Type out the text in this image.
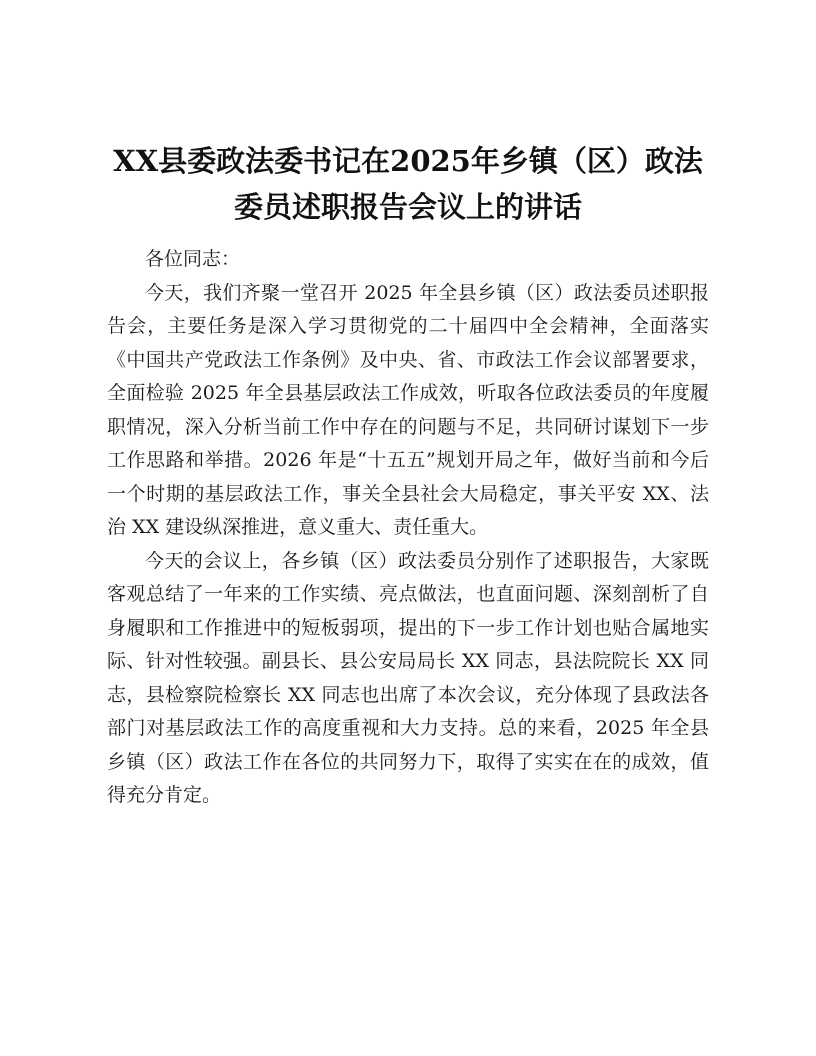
XX县委政法委书记在2025年乡镇（区）政法
委员述职报告会议上的讲话

各位同志：

今天，我们齐聚一堂召开 2025 年全县乡镇（区）政法委员述职报告会，主要任务是深入学习贯彻党的二十届四中全会精神，全面落实《中国共产党政法工作条例》及中央、省、市政法工作会议部署要求，全面检验 2025 年全县基层政法工作成效，听取各位政法委员的年度履职情况，深入分析当前工作中存在的问题与不足，共同研讨谋划下一步工作思路和举措。2026 年是“十五五”规划开局之年，做好当前和今后一个时期的基层政法工作，事关全县社会大局稳定，事关平安 XX、法治 XX 建设纵深推进，意义重大、责任重大。

今天的会议上，各乡镇（区）政法委员分别作了述职报告，大家既客观总结了一年来的工作实绩、亮点做法，也直面问题、深刻剖析了自身履职和工作推进中的短板弱项，提出的下一步工作计划也贴合属地实际、针对性较强。副县长、县公安局局长 XX 同志，县法院院长 XX 同志，县检察院检察长 XX 同志也出席了本次会议，充分体现了县政法各部门对基层政法工作的高度重视和大力支持。总的来看，2025 年全县乡镇（区）政法工作在各位的共同努力下，取得了实实在在的成效，值得充分肯定。
